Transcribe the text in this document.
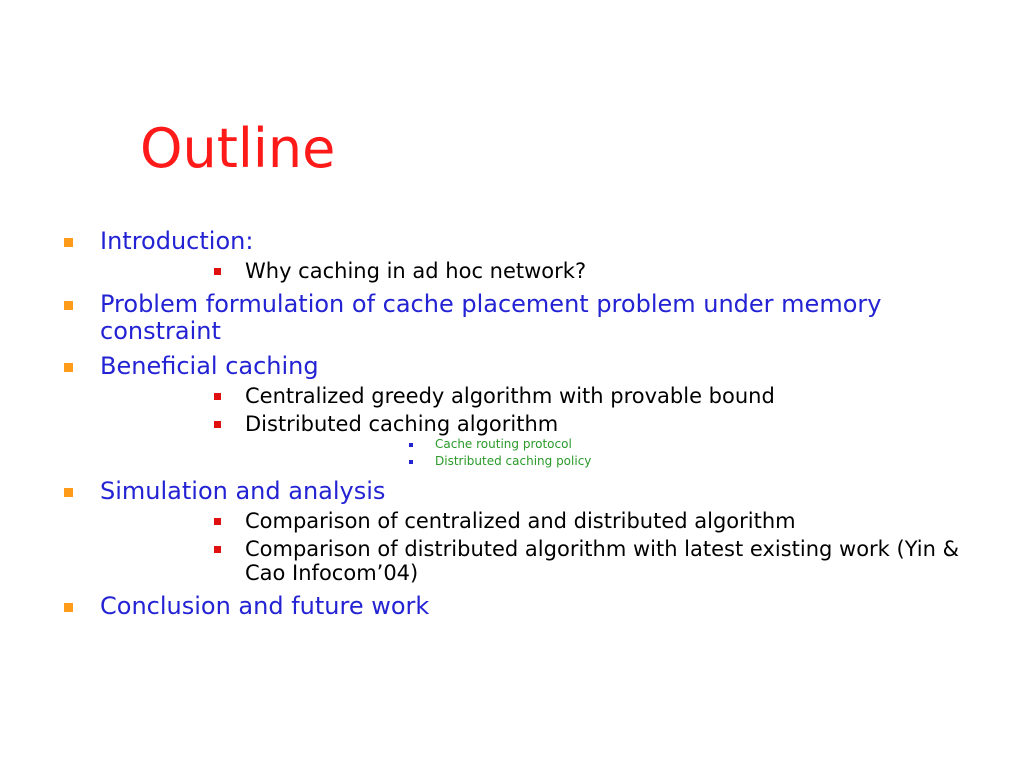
Outline
Introduction:
Why caching in ad hoc network?
Problem formulation of cache placement problem under memory constraint
Beneficial caching
Centralized greedy algorithm with provable bound
Distributed caching algorithm
Cache routing protocol
Distributed caching policy
Simulation and analysis
Comparison of centralized and distributed algorithm
Comparison of distributed algorithm with latest existing work (Yin & Cao Infocom’04)
Conclusion and future work
